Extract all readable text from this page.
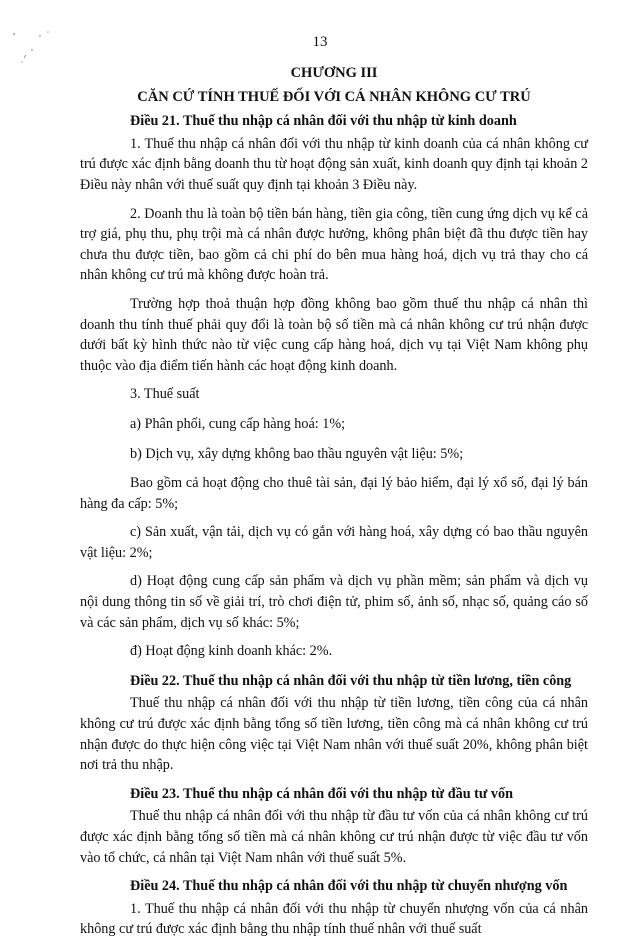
13
CHƯƠNG III
CĂN CỨ TÍNH THUẾ ĐỐI VỚI CÁ NHÂN KHÔNG CƯ TRÚ
Điều 21. Thuế thu nhập cá nhân đối với thu nhập từ kinh doanh

1. Thuế thu nhập cá nhân đối với thu nhập từ kinh doanh của cá nhân không cư trú được xác định bằng doanh thu từ hoạt động sản xuất, kinh doanh quy định tại khoản 2 Điều này nhân với thuế suất quy định tại khoản 3 Điều này.

2. Doanh thu là toàn bộ tiền bán hàng, tiền gia công, tiền cung ứng dịch vụ kể cả trợ giá, phụ thu, phụ trội mà cá nhân được hưởng, không phân biệt đã thu được tiền hay chưa thu được tiền, bao gồm cả chi phí do bên mua hàng hoá, dịch vụ trả thay cho cá nhân không cư trú mà không được hoàn trả.

Trường hợp thoả thuận hợp đồng không bao gồm thuế thu nhập cá nhân thì doanh thu tính thuế phải quy đổi là toàn bộ số tiền mà cá nhân không cư trú nhận được dưới bất kỳ hình thức nào từ việc cung cấp hàng hoá, dịch vụ tại Việt Nam không phụ thuộc vào địa điểm tiến hành các hoạt động kinh doanh.

3. Thuế suất

a) Phân phối, cung cấp hàng hoá: 1%;

b) Dịch vụ, xây dựng không bao thầu nguyên vật liệu: 5%;

Bao gồm cả hoạt động cho thuê tài sản, đại lý bảo hiểm, đại lý xổ số, đại lý bán hàng đa cấp: 5%;

c) Sản xuất, vận tải, dịch vụ có gắn với hàng hoá, xây dựng có bao thầu nguyên vật liệu: 2%;

d) Hoạt động cung cấp sản phẩm và dịch vụ phần mềm; sản phẩm và dịch vụ nội dung thông tin số về giải trí, trò chơi điện tử, phim số, ảnh số, nhạc số, quảng cáo số và các sản phẩm, dịch vụ số khác: 5%;

đ) Hoạt động kinh doanh khác: 2%.

Điều 22. Thuế thu nhập cá nhân đối với thu nhập từ tiền lương, tiền công

Thuế thu nhập cá nhân đối với thu nhập từ tiền lương, tiền công của cá nhân không cư trú được xác định bằng tổng số tiền lương, tiền công mà cá nhân không cư trú nhận được do thực hiện công việc tại Việt Nam nhân với thuế suất 20%, không phân biệt nơi trả thu nhập.

Điều 23. Thuế thu nhập cá nhân đối với thu nhập từ đầu tư vốn

Thuế thu nhập cá nhân đối với thu nhập từ đầu tư vốn của cá nhân không cư trú được xác định bằng tổng số tiền mà cá nhân không cư trú nhận được từ việc đầu tư vốn vào tổ chức, cá nhân tại Việt Nam nhân với thuế suất 5%.

Điều 24. Thuế thu nhập cá nhân đối với thu nhập từ chuyển nhượng vốn

1. Thuế thu nhập cá nhân đối với thu nhập từ chuyển nhượng vốn của cá nhân không cư trú được xác định bằng thu nhập tính thuế nhân với thuế suất
